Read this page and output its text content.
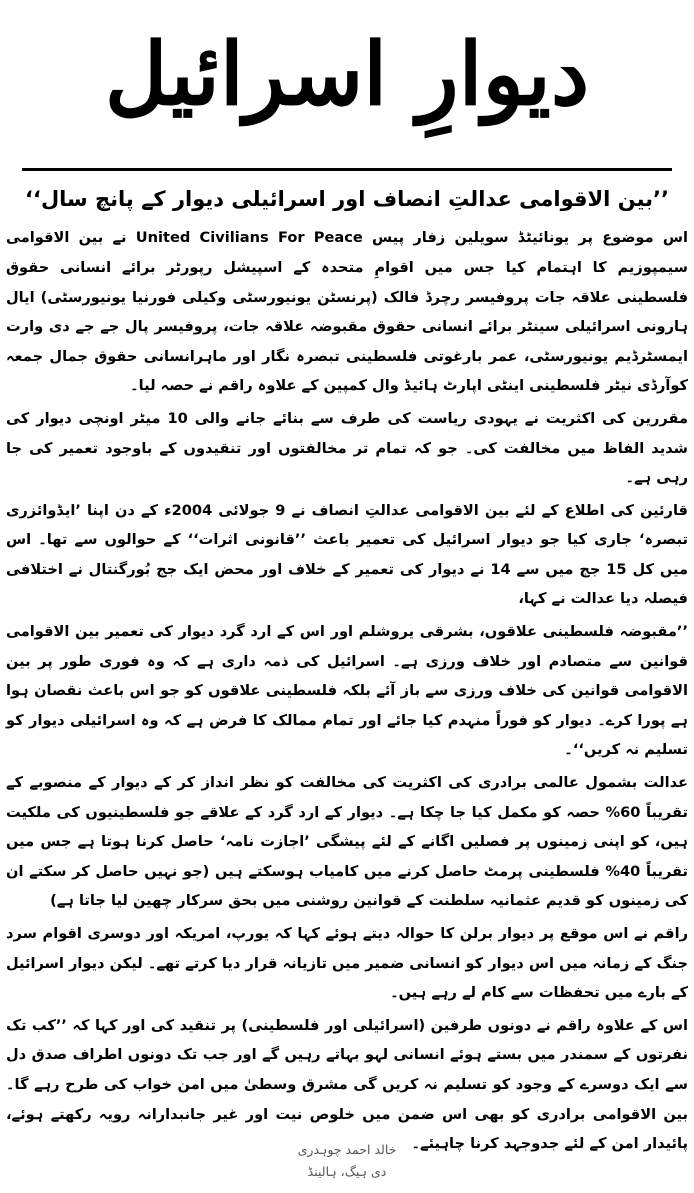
دیوارِ اسرائیل
’’بین الاقوامی عدالتِ انصاف اور اسرائیلی دیوار کے پانچ سال‘‘

اس موضوع پر یونائیٹڈ سویلین زفار پیس United Civilians For Peace نے بین الاقوامی سیمپوزیم کا اہتمام کیا جس میں اقوامِ متحدہ کے اسپیشل رپورٹر برائے انسانی حقوق فلسطینی علاقہ جات پروفیسر رچرڈ فالک (پرنسٹن یونیورسٹی وکیلی فورنیا یونیورسٹی) ایال ہارونی اسرائیلی سینٹر برائے انسانی حقوق مقبوضہ علاقہ جات، پروفیسر پال جے جے دی وارت ایمسٹرڈیم یونیورسٹی، عمر بارغوتی فلسطینی تبصرہ نگار اور ماہرانسانی حقوق جمال جمعہ کوآرڈی نیٹر فلسطینی اینٹی اپارٹ ہائیڈ وال کمپین کے علاوہ راقم نے حصہ لیا۔

مقررین کی اکثریت نے یہودی ریاست کی طرف سے بنائے جانے والی 10 میٹر اونچی دیوار کی شدید الفاظ میں مخالفت کی۔ جو کہ تمام تر مخالفتوں اور تنقیدوں کے باوجود تعمیر کی جا رہی ہے۔

قارئین کی اطلاع کے لئے بین الاقوامی عدالتِ انصاف نے 9 جولائی 2004ء کے دن اپنا ’ایڈوائزری تبصرہ‘ جاری کیا جو دیوار اسرائیل کی تعمیر باعث ’’قانونی اثرات‘‘ کے حوالوں سے تھا۔ اس میں کل 15 جج میں سے 14 نے دیوار کی تعمیر کے خلاف اور محض ایک جج بُورگنتال نے اختلافی فیصلہ دیا عدالت نے کہا،

’’مقبوضہ فلسطینی علاقوں، بشرقی یروشلم اور اس کے ارد گرد دیوار کی تعمیر بین الاقوامی قوانین سے متصادم اور خلاف ورزی ہے۔ اسرائیل کی ذمہ داری ہے کہ وہ فوری طور پر بین الاقوامی قوانین کی خلاف ورزی سے باز آئے بلکہ فلسطینی علاقوں کو جو اس باعث نقصان ہوا ہے پورا کرے۔ دیوار کو فوراً منہدم کیا جائے اور تمام ممالک کا فرض ہے کہ وہ اسرائیلی دیوار کو تسلیم نہ کریں‘‘۔

عدالت بشمول عالمی برادری کی اکثریت کی مخالفت کو نظر انداز کر کے دیوار کے منصوبے کے تقریباً 60% حصہ کو مکمل کیا جا چکا ہے۔ دیوار کے ارد گرد کے علاقے جو فلسطینیوں کی ملکیت ہیں، کو اپنی زمینوں پر فصلیں اگانے کے لئے پیشگی ’اجازت نامہ‘ حاصل کرنا ہوتا ہے جس میں تقریباً 40% فلسطینی پرمٹ حاصل کرنے میں کامیاب ہوسکتے ہیں (جو نہیں حاصل کر سکتے ان کی زمینوں کو قدیم عثمانیہ سلطنت کے قوانین روشنی میں بحق سرکار چھین لیا جاتا ہے)

راقم نے اس موقع پر دیوار برلن کا حوالہ دیتے ہوئے کہا کہ یورپ، امریکہ اور دوسری اقوام سرد جنگ کے زمانہ میں اس دیوار کو انسانی ضمیر میں تازیانہ قرار دیا کرتے تھے۔ لیکن دیوار اسرائیل کے بارے میں تحفظات سے کام لے رہے ہیں۔

اس کے علاوہ راقم نے دونوں طرفین (اسرائیلی اور فلسطینی) پر تنقید کی اور کہا کہ ’’کب تک نفرتوں کے سمندر میں بستے ہوئے انسانی لہو بہاتے رہیں گے اور جب تک دونوں اطراف صدق دل سے ایک دوسرے کے وجود کو تسلیم نہ کریں گی مشرق وسطیٰ میں امن خواب کی طرح رہے گا۔ بین الاقوامی برادری کو بھی اس ضمن میں خلوص نیت اور غیر جانبدارانہ رویہ رکھتے ہوئے، پائیدار امن کے لئے جدوجہد کرنا چاہیئے۔

خالد احمد چوہدری
دی ہیگ، ہالینڈ
